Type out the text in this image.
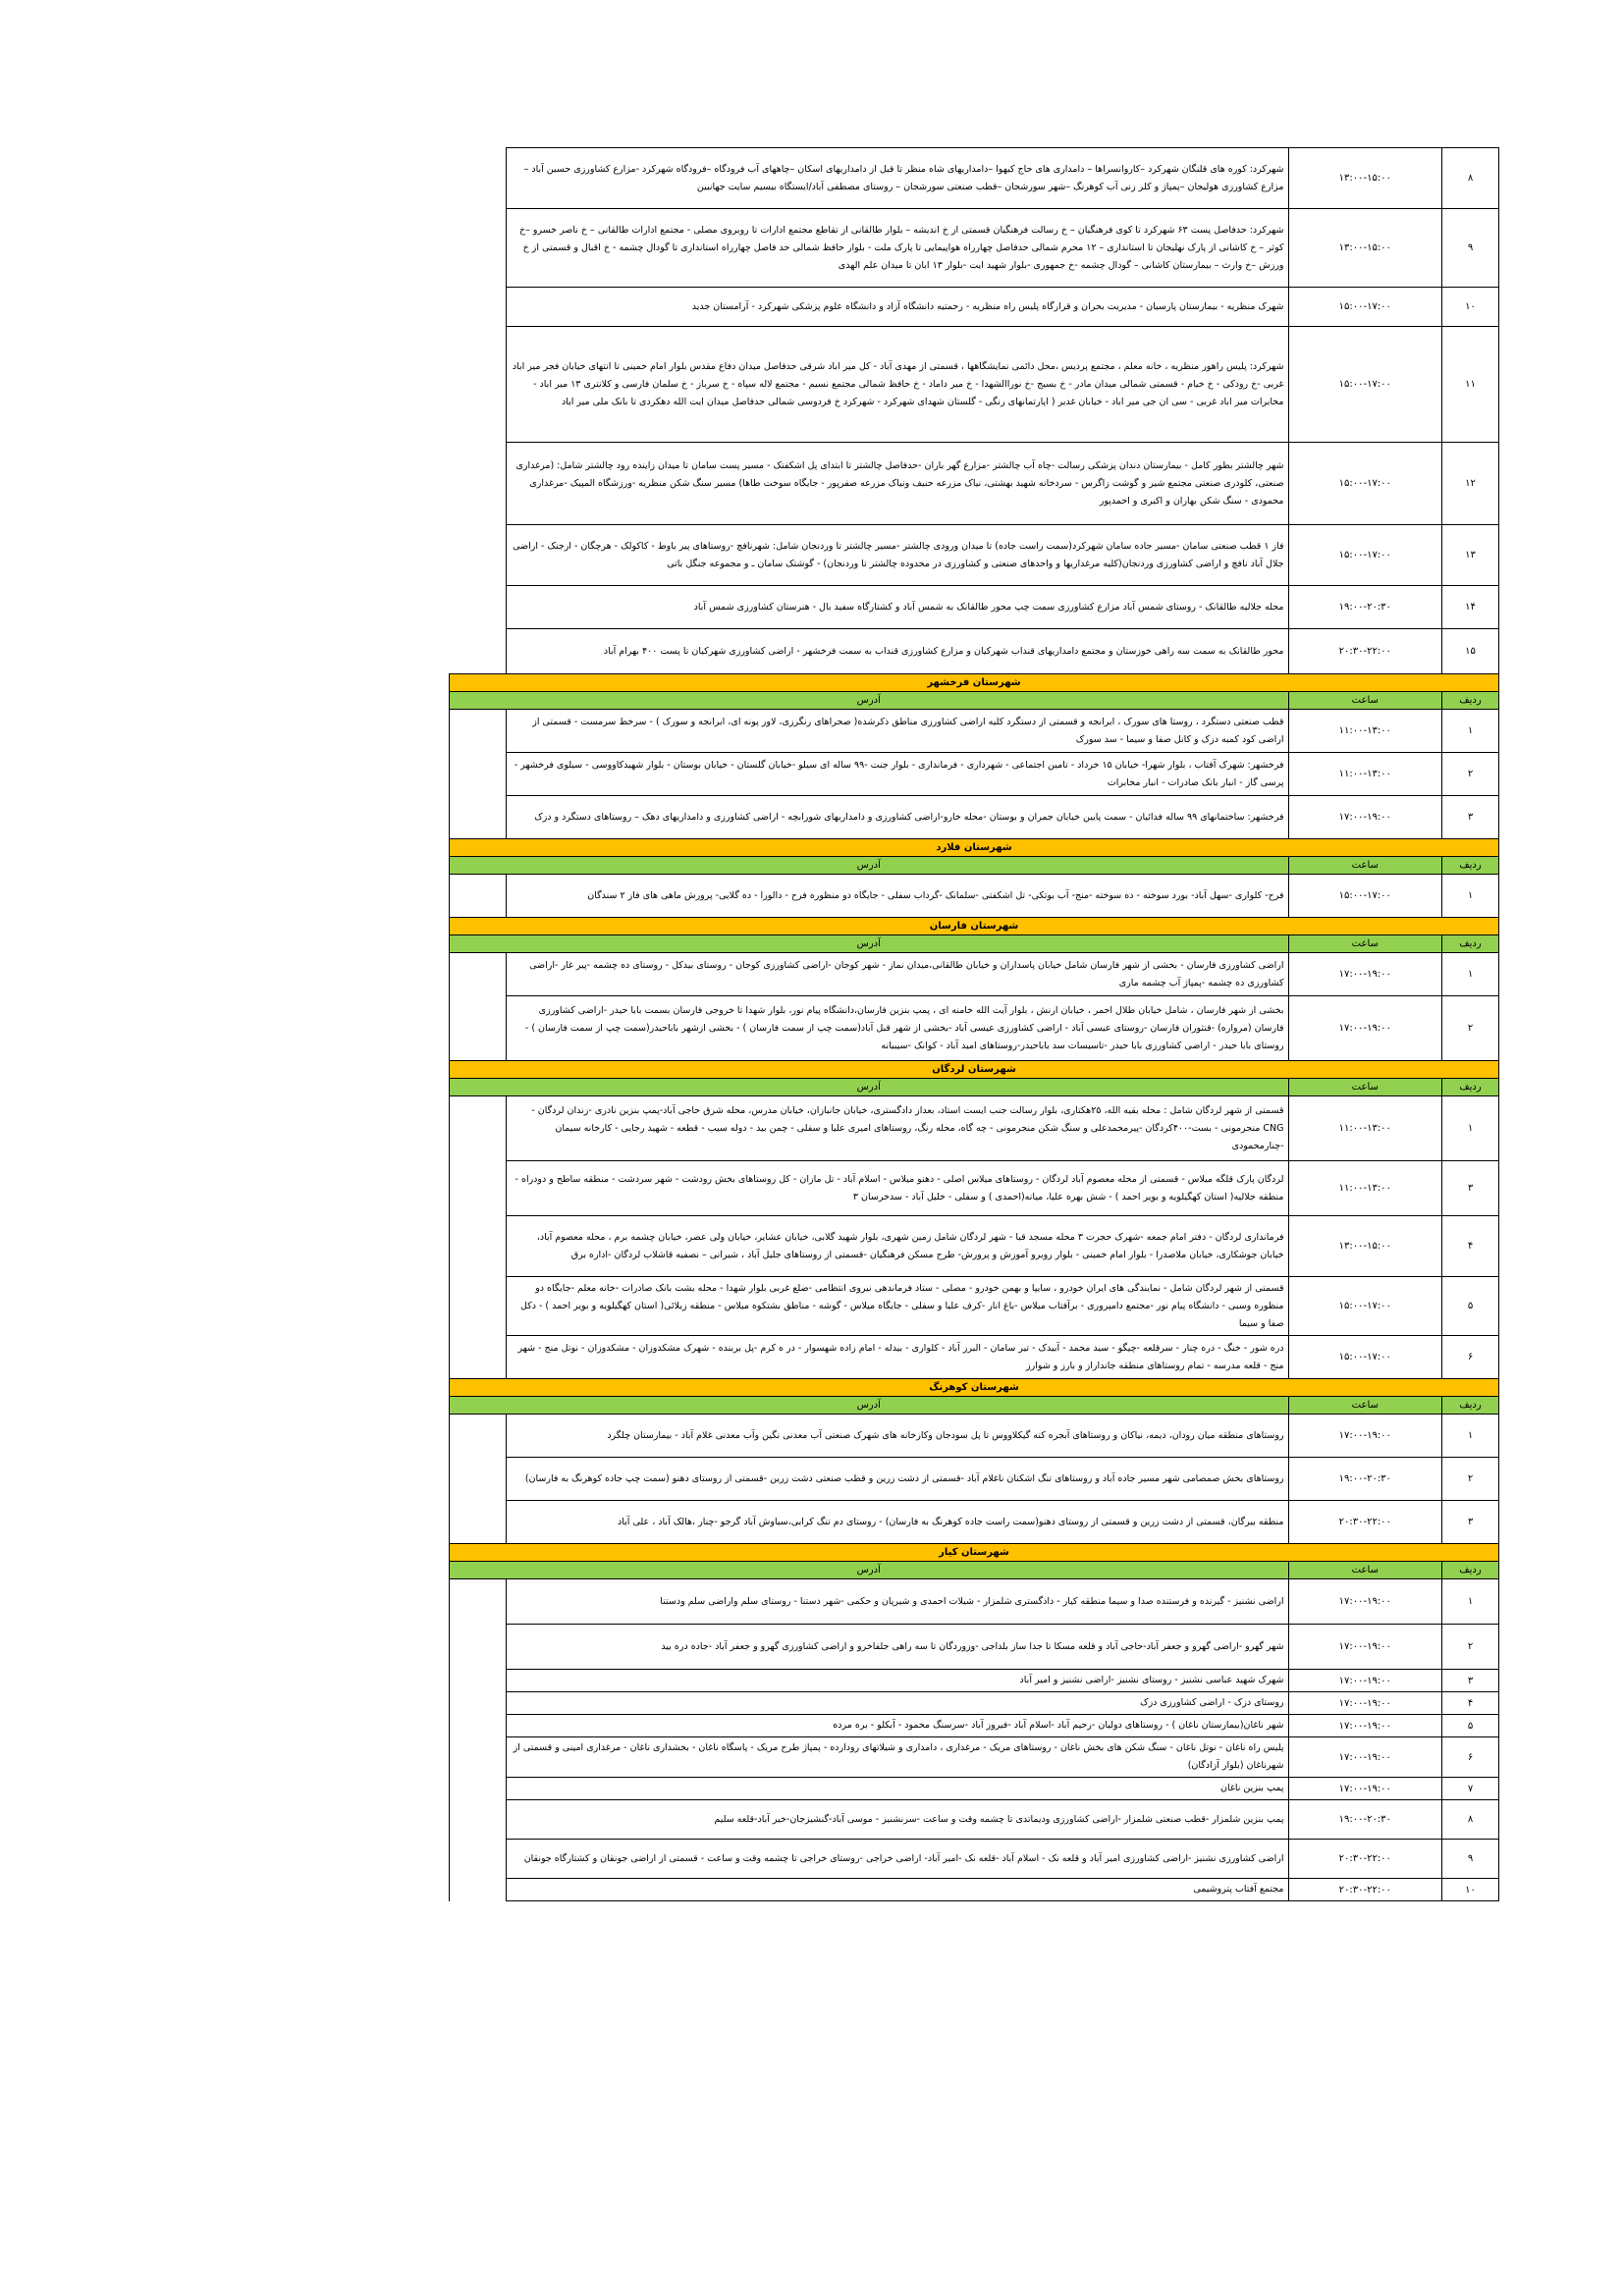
۸	۱۳:۰۰-۱۵:۰۰	شهرکرد: کوره های قلنگان شهرکرد –کاروانسراها – دامداری های حاج کیهوا –دامداریهای شاه منظر تا قبل از دامداریهای اسکان –چاههای آب فرودگاه –فرودگاه شهرکرد -مزارع کشاورزی حسین آباد – مزارع کشاورزی هولیجان –پمپاژ و کلر زنی آب کوهرنگ –شهر سورشجان –قطب صنعتی سورشجان – روستای مصطفی آباد/ایستگاه بیسیم سایت جهانبین	
۹	۱۳:۰۰-۱۵:۰۰	شهرکرد: حدفاصل پست ۶۳ شهرکرد تا کوی فرهنگیان – خ رسالت فرهنگیان قسمتی از خ اندیشه – بلوار طالقانی از تقاطع مجتمع ادارات تا روبروی مصلی - مجتمع ادارات طالقانی – خ ناصر خسرو –خ کوثر – خ کاشانی از پارک نهلیجان تا استانداری – ۱۲ محرم شمالی حدفاصل چهارراه هواپیمایی تا پارک ملت - بلوار حافظ شمالی حد فاصل چهارراه استانداری تا گودال چشمه - خ اقبال و قسمتی از خ ورزش –خ وارث – بیمارستان کاشانی – گودال چشمه -خ جمهوری -بلوار شهید ایت -بلوار ۱۳ ابان تا میدان علم الهدی	
۱۰	۱۵:۰۰-۱۷:۰۰	شهرک منظریه - بیمارستان پارسیان - مدیریت بحران و قرارگاه پلیس راه منظریه - رحمتیه دانشگاه آزاد و دانشگاه علوم پزشکی شهرکرد - آرامستان جدید	
۱۱	۱۵:۰۰-۱۷:۰۰	شهرکرد: پلیس راهور منظریه ، خانه معلم ، مجتمع پردیس ،محل دائمی نمایشگاهها ، قسمتی از مهدی آباد - کل میر اباد شرقی حدفاصل میدان دفاع مقدس بلوار امام خمینی تا انتهای خیابان فجر میر اباد غربی -خ رودکی - خ خیام - قسمتی شمالی میدان مادر - خ بسیج -خ نوراالشهدا - خ میر داماد - خ حافظ شمالی مجتمع نسیم - مجتمع لاله سپاه - خ سرباز - خ سلمان فارسی و کلانتری ۱۳ میر اباد - مخابرات میر اباد غربی - سی ان جی میر اباد - خیابان غدیر ( اپارتمانهای رنگی - گلستان شهدای شهرکرد - شهرکرد خ فردوسی شمالی حدفاصل میدان ایت الله دهکردی تا بانک ملی میر اباد	
۱۲	۱۵:۰۰-۱۷:۰۰	شهر چالشتر بطور کامل - بیمارستان دندان پزشکی رسالت -چاه آب چالشتر -مزارع گهر باران -حدفاصل چالشتر تا ابتدای پل اشکفتک - مسیر پست سامان تا میدان زاینده رود چالشتر شامل: (مرغداری صنعتی، کلودری صنعتی مجتمع شیر و گوشت زاگرس - سردخانه شهید بهشتی، نیاک مزرعه حنیف ونیاک مزرعه صفرپور - جایگاه سوخت طاها) مسیر سنگ شکن منظریه -ورزشگاه المپیک -مرغداری محمودی - سنگ شکن بهاران و اکبری و احمدپور	
۱۳	۱۵:۰۰-۱۷:۰۰	فاز ۱ قطب صنعتی سامان -مسیر جاده سامان شهرکرد(سمت راست جاده) تا میدان ورودی چالشتر -مسیر چالشتر تا وردنجان شامل: شهرنافچ -روستاهای پیر باوط - کاکولک - هرچگان - ارجنک - اراضی جلال آباد نافچ و اراضی کشاورزی وردنجان(کلیه مرغداریها و واحدهای صنعتی و کشاورزی در محدوده چالشتر تا وردنجان) - گوشتک سامان ـ و مجموعه جنگل باتی	
۱۴	۱۹:۰۰-۲۰:۳۰	محله جلالیه طالقانک - روستای شمس آباد مزارع کشاورزی سمت چپ محور طالقانک به شمس آباد و کشتارگاه سفید بال - هنرستان کشاورزی شمس آباد	
۱۵	۲۰:۳۰-۲۲:۰۰	محور طالقانک به سمت سه راهی خوزستان و مجتمع دامداریهای قنداب شهرکیان و مزارع کشاورزی قنداب به سمت فرخشهر - اراضی کشاورزی شهرکیان تا پست ۴۰۰ بهرام آباد	
شهرستان فرخشهر			
ردیف	ساعت	آدرس	
۱	۱۱:۰۰-۱۳:۰۰	قطب صنعتی دستگرد ، روستا های سورک ، ابرانجه و قسمتی از دستگرد کلیه اراضی کشاورزی مناطق ذکرشده( صحراهای رنگرزی، لاور پونه ای، ابرانجه و سورک ) - سرخط سرمست - قسمتی از اراضی کود کمبه دزک و کانل صفا و سیما - سد سورک	
۲	۱۱:۰۰-۱۳:۰۰	فرخشهر: شهرک آفتاب ، بلوار شهرا- خیابان ۱۵ خرداد - تامین اجتماعی - شهرداری - فرمانداری - بلوار جنت -۹۹ ساله ای سیلو -خیابان گلستان - خیابان بوستان - بلوار شهیدکاووسی - سیلوی فرخشهر - پرسی گاز - انبار بانک صادرات - انبار مخابرات	
۳	۱۷:۰۰-۱۹:۰۰	فرخشهر: ساختمانهای ۹۹ ساله فدائیان - سمت پایین خیابان جمران و بوستان -محله خارو-اراضی کشاورزی و دامداریهای شورابچه - اراضی کشاورزی و دامداریهای دهک – روستاهای دستگرد و دزک	
شهرستان فلارد			
ردیف	ساعت	آدرس	
۱	۱۵:۰۰-۱۷:۰۰	فرح- کلواری -سهل آباد- بورد سوخته - ده سوخته -منج- آب بوتکی- تل اشکفتی -سلمانک -گرداب سفلی - جایگاه دو منظوره فرح - دالورا - ده گلایی- پرورش ماهی های فاز ۲ سندگان	
شهرستان فارسان			
ردیف	ساعت	آدرس	
۱	۱۷:۰۰-۱۹:۰۰	اراضی کشاورزی فارسان - بخشی از شهر فارسان شامل خیابان پاسداران و خیابان طالقانی،میدان نماز - شهر کوجان -اراضی کشاورزی کوجان - روستای بیدکل - روستای ده چشمه -پیر غار -اراضی کشاورزی ده چشمه -پمپاژ آب چشمه ماری	
۲	۱۷:۰۰-۱۹:۰۰	بخشی از شهر فارسان ، شامل خیابان طلال احمر ، خیابان ارنش ، بلوار آیت الله خامنه ای ، پمپ بنزین فارسان،دانشگاه پیام نور، بلوار شهدا تا خروجی فارسان بسمت بابا حیدر -اراضی کشاورزی فارسان (مرواره) -قنثوران فارسان -روستای عیسی آباد - اراضی کشاورزی عیسی آباد -بخشی از شهر قبل آباد(سمت چپ از سمت فارسان ) - بخشی ازشهر باباحیدر(سمت چپ از سمت فارسان ) - روستای بابا حیدر - اراضی کشاورزی بابا حیدر -تاسیسات سد باباحیدر-روستاهای امید آباد - کوانک -سیبیانه	
شهرستان لردگان			
ردیف	ساعت	آدرس	
۱	۱۱:۰۰-۱۳:۰۰	قسمتی از شهر لردگان شامل : محله بقیه الله، ۲۵هکتاری، بلوار رسالت جنب ایست استاد، بعداز دادگستری، خیابان جانبازان، خیابان مدرس، محله شرق حاجی آباد-پمپ بنزین نادری -زندان لردگان - CNG منجرمونی - بست-۴۰۰کردگان -پیرمحمدعلی و سنگ شکن منجرمونی - چه گاه، محله رنگ، روستاهای امیری علیا و سفلی - چمن بید - دوله سیب - قطعه - شهید رجایی - کارخانه سیمان -چنارمحمودی	
۳	۱۱:۰۰-۱۳:۰۰	لردگان پارک قلگه میلاس - قسمتی از محله معصوم آباد لردگان - روستاهای میلاس اصلی - دهنو میلاس - اسلام آباد - تل مازان - کل روستاهای بخش رودشت - شهر سردشت - منطقه ساطح و دودراه - منطقه جلالیه( استان کهگیلویه و بویر احمد ) - شش بهره علیا، میانه(احمدی ) و سفلی - خلیل آباد - سدخرسان ۳	
۴	۱۳:۰۰-۱۵:۰۰	فرمانداری لردگان - دفتر امام جمعه -شهرک حجرت ۳ محله مسجد قبا - شهر لردگان شامل زمین شهری، بلوار شهید گلابی، خیابان عشایر، خیابان ولی عصر، خیابان چشمه برم ، محله معصوم آباد، خیابان جوشکاری، خیابان ملاصدرا - بلوار امام خمینی - بلوار روبرو آموزش و پرورش- طرح مسکن فرهنگیان -قسمتی از روستاهای جلیل آباد ، شیرانی – نصفیه قاشلاب لردگان -اداره برق	
۵	۱۵:۰۰-۱۷:۰۰	قسمتی از شهر لردگان شامل - نمایندگی های ایران خودرو ، سایپا و بهمن خودرو - مصلی - ستاد فرماندهی نیروی انتظامی -ضلع غربی بلوار شهدا - محله بشت بانک صادرات -خانه معلم -جایگاه دو منظوره وسبی - دانشگاه پیام نور -مجتمع دامپروری - برآفتاب میلاس -باغ انار -کرف علیا و سفلی - جایگاه میلاس - گوشه - مناطق بشتکوه میلاس - منطقه زیلائی( استان کهگیلویه و بویر احمد ) - دکل صفا و سیما	
۶	۱۵:۰۰-۱۷:۰۰	دره شور - خنگ - دره چنار - سرقلعه -چیگو - سید محمد - آبیدک - تیر سامان - البرز آباد - کلواری - بیدله - امام زاده شهسوار - در ه کرم -پل بربنده - شهرک مشکدوزان - مشکدوزان - نوتل منج - شهر منج - قلعه مدرسه - تمام روستاهای منطقه جانداراز و بارز و شوارز	
شهرستان کوهرنگ			
ردیف	ساعت	آدرس	
۱	۱۷:۰۰-۱۹:۰۰	روستاهای منطقه میان رودان، دیمه، نیاکان و روستاهای آبجره کنه گیکلاووس تا پل سودجان وکارخانه های شهرک صنعتی آب معدنی نگین وآب معدنی غلام آباد - بیمارستان چلگرد	
۲	۱۹:۰۰-۲۰:۳۰	روستاهای بخش صمصامی شهر مسیر جاده آباد و روستاهای تنگ اشکنان ناغلام آباد -قسمتی از دشت زرین و قطب صنعتی دشت زرین -قسمتی از روستای دهنو (سمت چپ جاده کوهرنگ به فارسان)	
۳	۲۰:۳۰-۲۲:۰۰	منطقه بیرگان، قسمتی از دشت زرین و قسمتی از روستای دهنو(سمت راست جاده کوهرنگ به فارسان) - روستای دم تنگ کرابی،سیاوش آباد گرجو -چنار ،هالک آباد ، علی آباد	
شهرستان کیار			
ردیف	ساعت	آدرس	
۱	۱۷:۰۰-۱۹:۰۰	اراضی نشنیز - گیرنده و فرستنده صدا و سیما منطقه کیار - دادگستری شلمزار - شیلات احمدی و شیرپان و حکمی -شهر دستنا - روستای سلم واراضی سلم ودستنا	
۲	۱۷:۰۰-۱۹:۰۰	شهر گهرو -اراضی گهرو و جعفر آباد-حاجی آباد و قلعه مسکا تا جدا ساز بلداجی -وزوردگان تا سه راهی جلفاخرو و اراضی کشاورزی گهرو و جعفر آباد -جاده دره بید	
۳	۱۷:۰۰-۱۹:۰۰	شهرک شهید عباسی نشنیز - روستای نشنیز -اراضی نشنیز و امیر آباد	
۴	۱۷:۰۰-۱۹:۰۰	روستای دزک - اراضی کشاورزی دزک	
۵	۱۷:۰۰-۱۹:۰۰	شهر ناغان(بیمارستان ناغان ) - روستاهای دولیان -رحیم آباد -اسلام آباد -فیروز آباد -سرسنگ محمود - آبکلو - بره مرده	
۶	۱۷:۰۰-۱۹:۰۰	پلیس راه ناغان - نوتل ناغان - سنگ شکن های بخش ناغان - روستاهای مریک - مرغداری ، دامداری و شیلاتهای رودارده - پمپاژ طرح مریک - پاسگاه ناغان - بخشداری ناغان - مرغداری امینی و قسمتی از شهرناغان (بلوار آزادگان)	
۷	۱۷:۰۰-۱۹:۰۰	پمپ بنزین ناغان	
۸	۱۹:۰۰-۲۰:۳۰	پمپ بنزین شلمزار -قطب صنعتی شلمزار -اراضی کشاورزی ودیماتدی تا چشمه وقت و ساعت -سرنشنیز - موسی آباد-گنشیزجان-خیر آباد-قلعه سلیم	
۹	۲۰:۳۰-۲۲:۰۰	اراضی کشاورزی نشنیز -اراضی کشاورزی امیر آباد و قلعه نک - اسلام آباد -قلعه نک -امیر آباد- اراضی خراجی -روستای خراجی تا چشمه وقت و ساعت - قسمتی از اراضی جونقان و کشتارگاه جونقان	
۱۰	۲۰:۳۰-۲۲:۰۰	مجتمع آفتاب پتروشیمی	
